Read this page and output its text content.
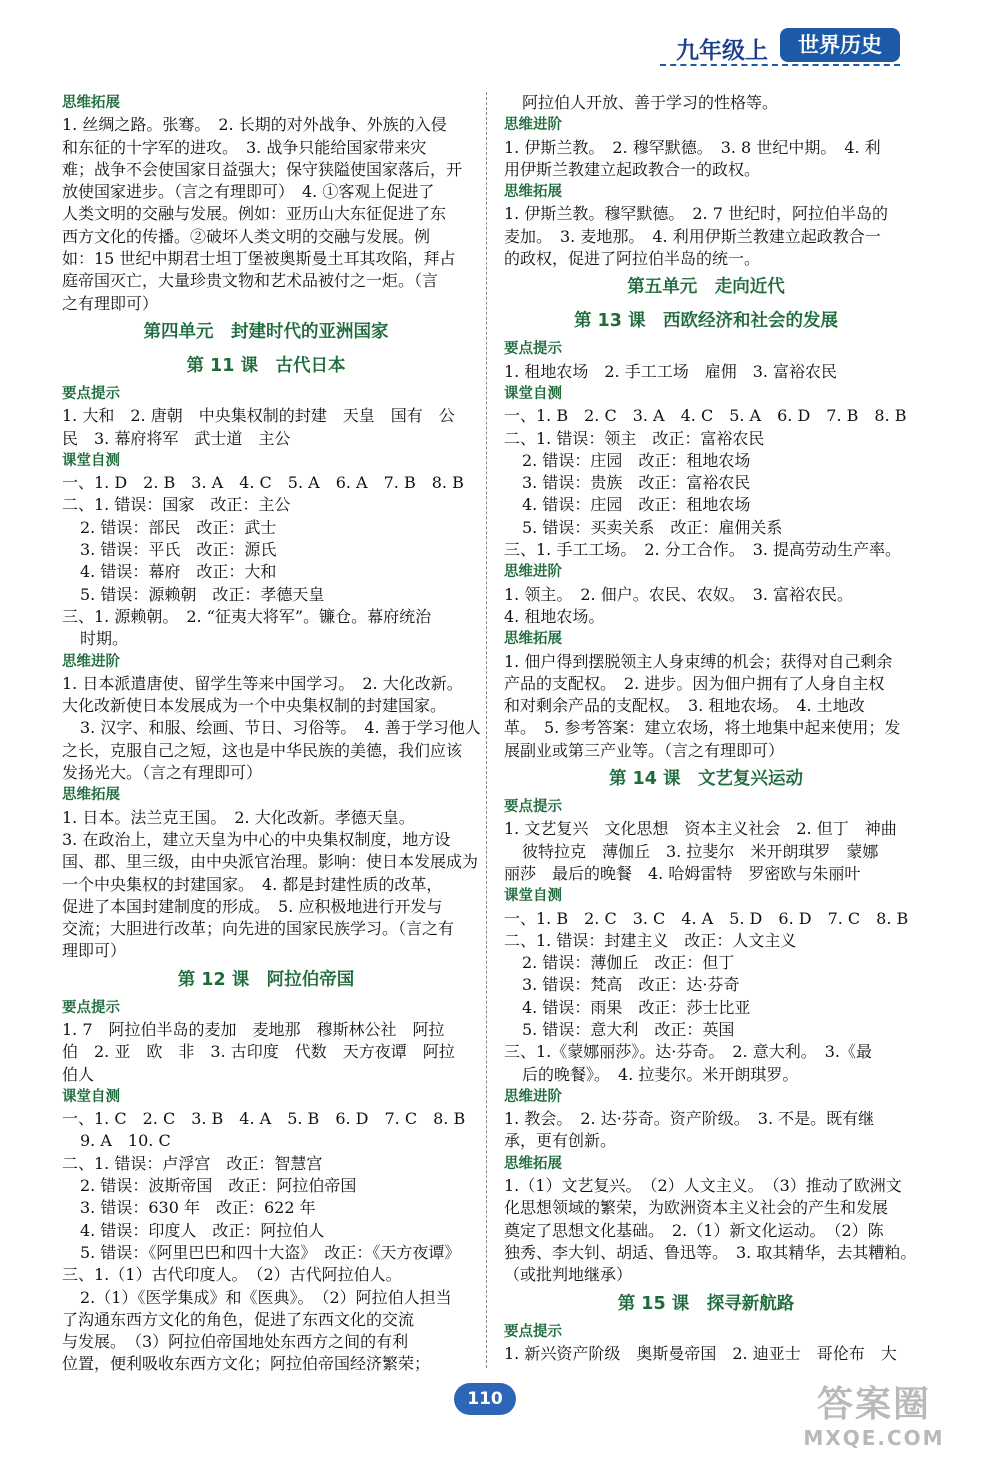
九年级上	世界历史
思维拓展
1. 丝绸之路。张骞。　2. 长期的对外战争、外族的入侵
和东征的十字军的进攻。　3. 战争只能给国家带来灾
难；战争不会使国家日益强大；保守狭隘使国家落后，开
放使国家进步。（言之有理即可）　4. ①客观上促进了
人类文明的交融与发展。例如：亚历山大东征促进了东
西方文化的传播。②破坏人类文明的交融与发展。例
如：15 世纪中期君士坦丁堡被奥斯曼土耳其攻陷，拜占
庭帝国灭亡，大量珍贵文物和艺术品被付之一炬。（言
之有理即可）
第四单元　封建时代的亚洲国家
第 11 课　古代日本
要点提示
1. 大和　2. 唐朝　中央集权制的封建　天皇　国有　公
民　3. 幕府将军　武士道　主公
课堂自测
一、1. D　2. B　3. A　4. C　5. A　6. A　7. B　8. B
二、1. 错误：国家　改正：主公
2. 错误：部民　改正：武士
3. 错误：平氏　改正：源氏
4. 错误：幕府　改正：大和
5. 错误：源赖朝　改正：孝德天皇
三、1. 源赖朝。　2. “征夷大将军”。镰仓。幕府统治
时期。
思维进阶
1. 日本派遣唐使、留学生等来中国学习。　2. 大化改新。
大化改新使日本发展成为一个中央集权制的封建国家。
3. 汉字、和服、绘画、节日、习俗等。　4. 善于学习他人
之长，克服自己之短，这也是中华民族的美德，我们应该
发扬光大。（言之有理即可）
思维拓展
1. 日本。法兰克王国。　2. 大化改新。孝德天皇。
3. 在政治上，建立天皇为中心的中央集权制度，地方设
国、郡、里三级，由中央派官治理。影响：使日本发展成为
一个中央集权的封建国家。　4. 都是封建性质的改革，
促进了本国封建制度的形成。　5. 应积极地进行开发与
交流；大胆进行改革；向先进的国家民族学习。（言之有
理即可）
第 12 课　阿拉伯帝国
要点提示
1. 7　阿拉伯半岛的麦加　麦地那　穆斯林公社　阿拉
伯　2. 亚　欧　非　3. 古印度　代数　天方夜谭　阿拉
伯人
课堂自测
一、1. C　2. C　3. B　4. A　5. B　6. D　7. C　8. B
9. A　10. C
二、1. 错误：卢浮宫　改正：智慧宫
2. 错误：波斯帝国　改正：阿拉伯帝国
3. 错误：630 年　改正：622 年
4. 错误：印度人　改正：阿拉伯人
5. 错误：《阿里巴巴和四十大盗》　改正：《天方夜谭》
三、1.（1）古代印度人。　（2）古代阿拉伯人。
2.（1）《医学集成》和《医典》。　（2）阿拉伯人担当
了沟通东西方文化的角色，促进了东西文化的交流
与发展。　（3）阿拉伯帝国地处东西方之间的有利
位置，便利吸收东西方文化；阿拉伯帝国经济繁荣；
阿拉伯人开放、善于学习的性格等。
思维进阶
1. 伊斯兰教。　2. 穆罕默德。　3. 8 世纪中期。　4. 利
用伊斯兰教建立起政教合一的政权。
思维拓展
1. 伊斯兰教。穆罕默德。　2. 7 世纪时，阿拉伯半岛的
麦加。　3. 麦地那。　4. 利用伊斯兰教建立起政教合一
的政权，促进了阿拉伯半岛的统一。
第五单元　走向近代
第 13 课　西欧经济和社会的发展
要点提示
1. 租地农场　2. 手工工场　雇佣　3. 富裕农民
课堂自测
一、1. B　2. C　3. A　4. C　5. A　6. D　7. B　8. B
二、1. 错误：领主　改正：富裕农民
2. 错误：庄园　改正：租地农场
3. 错误：贵族　改正：富裕农民
4. 错误：庄园　改正：租地农场
5. 错误：买卖关系　改正：雇佣关系
三、1. 手工工场。　2. 分工合作。　3. 提高劳动生产率。
思维进阶
1. 领主。　2. 佃户。农民、农奴。　3. 富裕农民。
4. 租地农场。
思维拓展
1. 佃户得到摆脱领主人身束缚的机会；获得对自己剩余
产品的支配权。　2. 进步。因为佃户拥有了人身自主权
和对剩余产品的支配权。　3. 租地农场。　4. 土地改
革。　5. 参考答案：建立农场，将土地集中起来使用；发
展副业或第三产业等。（言之有理即可）
第 14 课　文艺复兴运动
要点提示
1. 文艺复兴　文化思想　资本主义社会　2. 但丁　神曲
彼特拉克　薄伽丘　3. 拉斐尔　米开朗琪罗　蒙娜
丽莎　最后的晚餐　4. 哈姆雷特　罗密欧与朱丽叶
课堂自测
一、1. B　2. C　3. C　4. A　5. D　6. D　7. C　8. B
二、1. 错误：封建主义　改正：人文主义
2. 错误：薄伽丘　改正：但丁
3. 错误：梵高　改正：达·芬奇
4. 错误：雨果　改正：莎士比亚
5. 错误：意大利　改正：英国
三、1.《蒙娜丽莎》。达·芬奇。　2. 意大利。　3.《最
后的晚餐》。　4. 拉斐尔。米开朗琪罗。
思维进阶
1. 教会。　2. 达·芬奇。资产阶级。　3. 不是。既有继
承，更有创新。
思维拓展
1.（1）文艺复兴。　（2）人文主义。　（3）推动了欧洲文
化思想领域的繁荣，为欧洲资本主义社会的产生和发展
奠定了思想文化基础。　2.（1）新文化运动。　（2）陈
独秀、李大钊、胡适、鲁迅等。　3. 取其精华，去其糟粕。
（或批判地继承）
第 15 课　探寻新航路
要点提示
1. 新兴资产阶级　奥斯曼帝国　2. 迪亚士　哥伦布　大
110	答案圈
MXQE.COM
